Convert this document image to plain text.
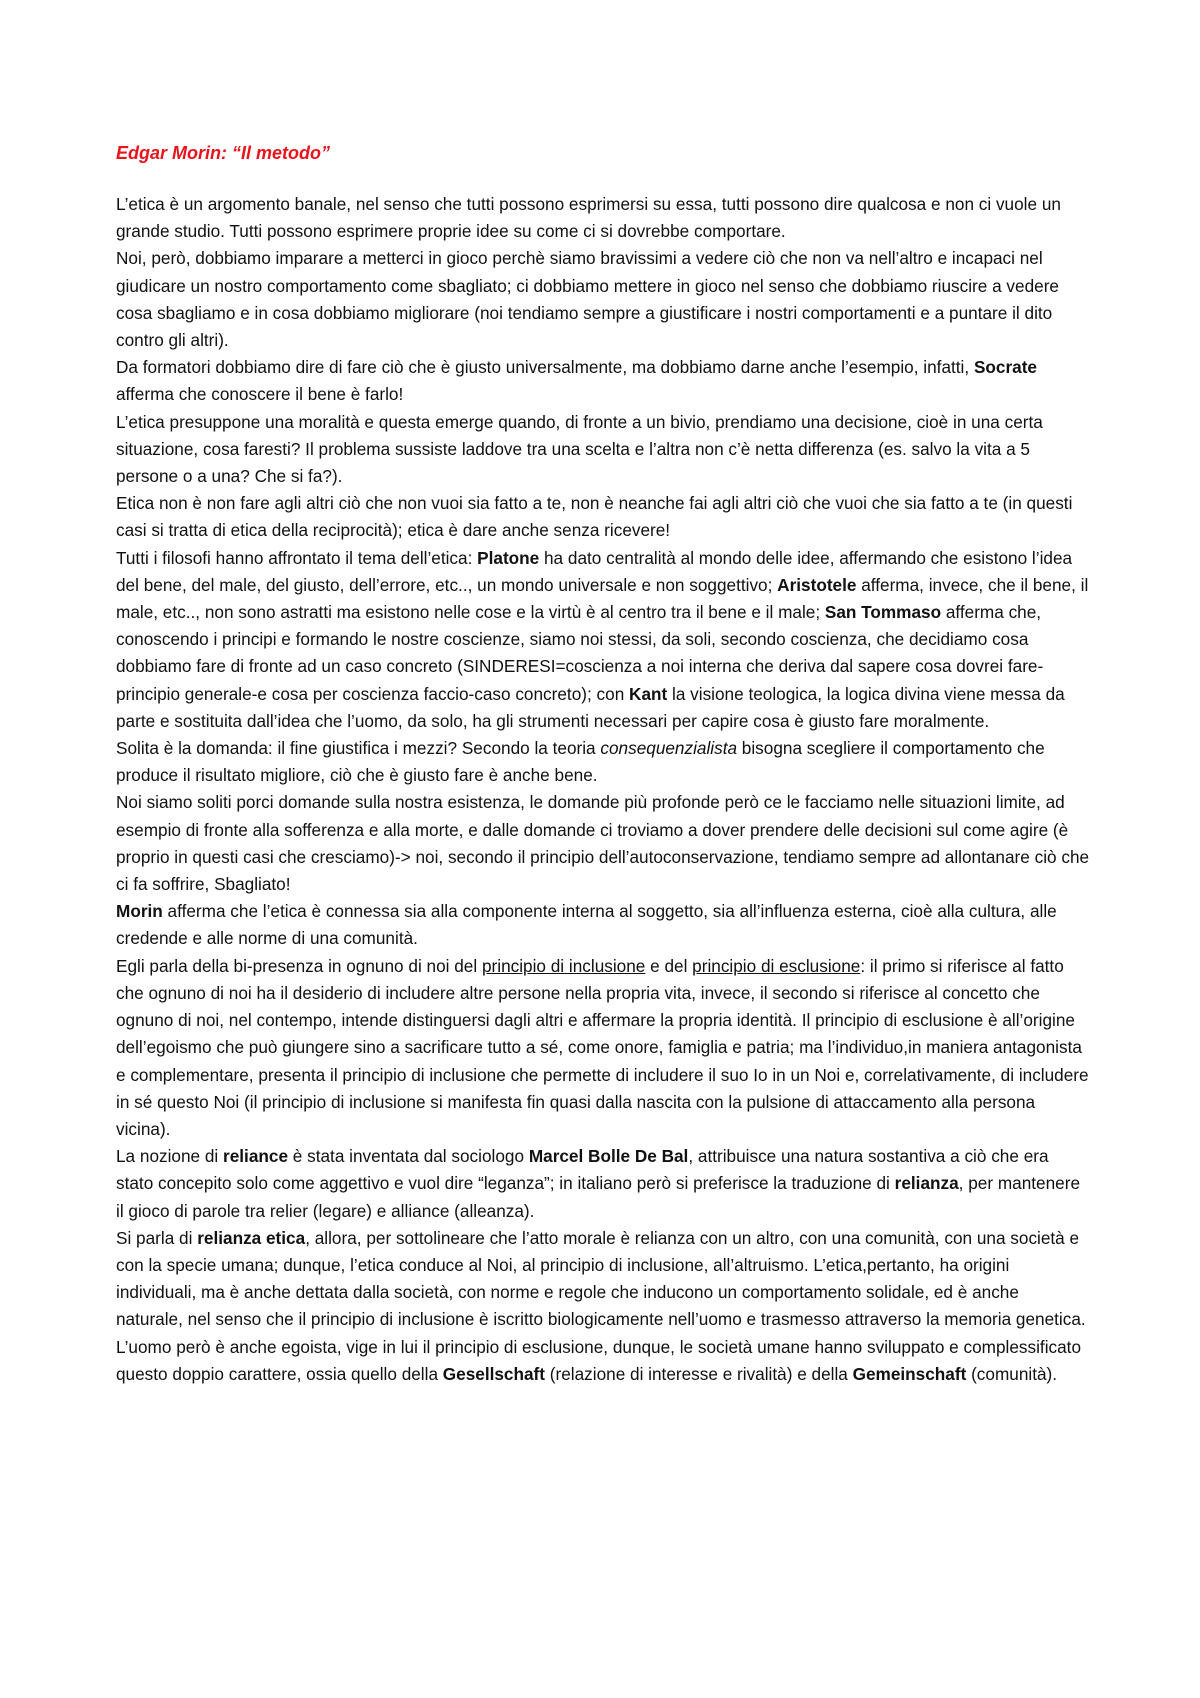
Edgar Morin: “Il metodo”

L’etica è un argomento banale, nel senso che tutti possono esprimersi su essa, tutti possono dire qualcosa e non ci vuole un grande studio. Tutti possono esprimere proprie idee su come ci si dovrebbe comportare.

Noi, però, dobbiamo imparare a metterci in gioco perchè siamo bravissimi a vedere ciò che non va nell’altro e incapaci nel giudicare un nostro comportamento come sbagliato; ci dobbiamo mettere in gioco nel senso che dobbiamo riuscire a vedere cosa sbagliamo e in cosa dobbiamo migliorare (noi tendiamo sempre a giustificare i nostri comportamenti e a puntare il dito contro gli altri).

Da formatori dobbiamo dire di fare ciò che è giusto universalmente, ma dobbiamo darne anche l’esempio, infatti, Socrate afferma che conoscere il bene è farlo!

L’etica presuppone una moralità e questa emerge quando, di fronte a un bivio, prendiamo una decisione, cioè in una certa situazione, cosa faresti? Il problema sussiste laddove tra una scelta e l’altra non c’è netta differenza (es. salvo la vita a 5 persone o a una? Che si fa?).

Etica non è non fare agli altri ciò che non vuoi sia fatto a te, non è neanche fai agli altri ciò che vuoi che sia fatto a te (in questi casi si tratta di etica della reciprocità); etica è dare anche senza ricevere!

Tutti i filosofi hanno affrontato il tema dell’etica: Platone ha dato centralità al mondo delle idee, affermando che esistono l’idea del bene, del male, del giusto, dell’errore, etc.., un mondo universale e non soggettivo; Aristotele afferma, invece, che il bene, il male, etc.., non sono astratti ma esistono nelle cose e la virtù è al centro tra il bene e il male; San Tommaso afferma che, conoscendo i principi e formando le nostre coscienze, siamo noi stessi, da soli, secondo coscienza, che decidiamo cosa dobbiamo fare di fronte ad un caso concreto (SINDERESI=coscienza a noi interna che deriva dal sapere cosa dovrei fare-principio generale-e cosa per coscienza faccio-caso concreto); con Kant la visione teologica, la logica divina viene messa da parte e sostituita dall’idea che l’uomo, da solo, ha gli strumenti necessari per capire cosa è giusto fare moralmente.

Solita è la domanda: il fine giustifica i mezzi? Secondo la teoria consequenzialista bisogna scegliere il comportamento che produce il risultato migliore, ciò che è giusto fare è anche bene.

Noi siamo soliti porci domande sulla nostra esistenza, le domande più profonde però ce le facciamo nelle situazioni limite, ad esempio di fronte alla sofferenza e alla morte, e dalle domande ci troviamo a dover prendere delle decisioni sul come agire (è proprio in questi casi che cresciamo)-> noi, secondo il principio dell’autoconservazione, tendiamo sempre ad allontanare ciò che ci fa soffrire, Sbagliato!

Morin afferma che l’etica è connessa sia alla componente interna al soggetto, sia all’influenza esterna, cioè alla cultura, alle credende e alle norme di una comunità.

Egli parla della bi-presenza in ognuno di noi del principio di inclusione e del principio di esclusione: il primo si riferisce al fatto che ognuno di noi ha il desiderio di includere altre persone nella propria vita, invece, il secondo si riferisce al concetto che ognuno di noi, nel contempo, intende distinguersi dagli altri e affermare la propria identità. Il principio di esclusione è all’origine dell’egoismo che può giungere sino a sacrificare tutto a sé, come onore, famiglia e patria; ma l’individuo,in maniera antagonista e complementare, presenta il principio di inclusione che permette di includere il suo Io in un Noi e, correlativamente, di includere in sé questo Noi (il principio di inclusione si manifesta fin quasi dalla nascita con la pulsione di attaccamento alla persona vicina).

La nozione di reliance è stata inventata dal sociologo Marcel Bolle De Bal, attribuisce una natura sostantiva a ciò che era stato concepito solo come aggettivo e vuol dire “leganza”; in italiano però si preferisce la traduzione di relianza, per mantenere il gioco di parole tra relier (legare) e alliance (alleanza).

Si parla di relianza etica, allora, per sottolineare che l’atto morale è relianza con un altro, con una comunità, con una società e con la specie umana; dunque, l’etica conduce al Noi, al principio di inclusione, all’altruismo. L’etica,pertanto, ha origini individuali, ma è anche dettata dalla società, con norme e regole che inducono un comportamento solidale, ed è anche naturale, nel senso che il principio di inclusione è iscritto biologicamente nell’uomo e trasmesso attraverso la memoria genetica.

L’uomo però è anche egoista, vige in lui il principio di esclusione, dunque, le società umane hanno sviluppato e complessificato questo doppio carattere, ossia quello della Gesellschaft (relazione di interesse e rivalità) e della Gemeinschaft (comunità).
